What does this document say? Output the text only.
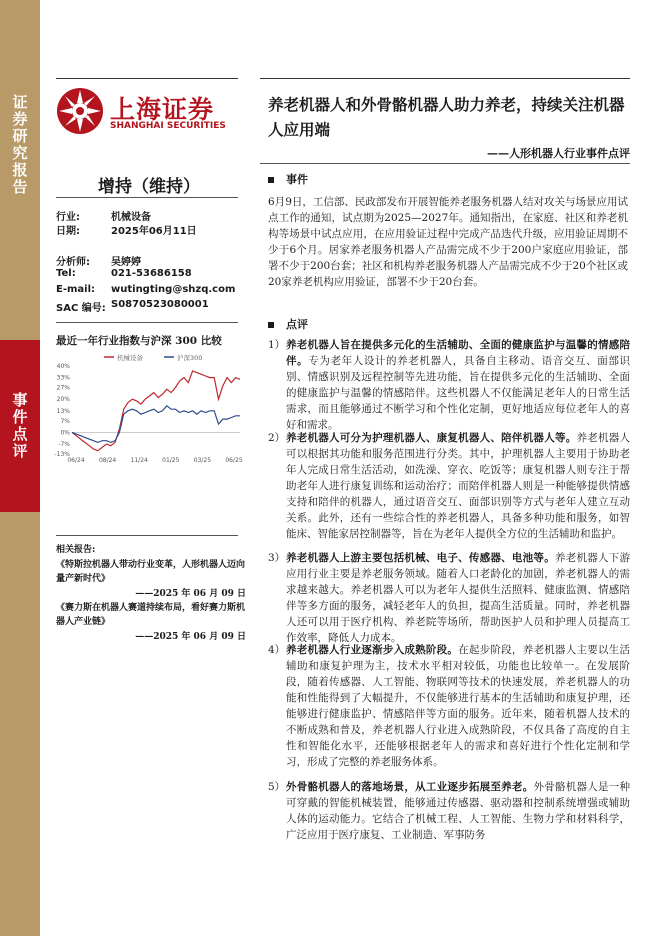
证
券
研
究
报
告
事
件
点
评
上海证券
SHANGHAI SECURITIES
增持（维持）
行业:	机械设备
日期:	2025年06月11日
分析师: 吴婷婷
Tel:	021-53686158
E-mail: wutingting@shzq.com
SAC 编号: S0870523080001
最近一年行业指数与沪深 300 比较
机械设备	沪深300
40%
33%
27%
20%
13%
7%
0%
-7%
-13%
06/24 08/24 11/24 01/25 03/25 06/25
相关报告:
《特斯拉机器人带动行业变革，人形机器人迈向量产新时代》
——2025 年 06 月 09 日
《赛力斯在机器人赛道持续布局，看好赛力斯机器人产业链》
——2025 年 06 月 09 日
养老机器人和外骨骼机器人助力养老，持续关注机器人应用端
——人形机器人行业事件点评
事件
6月9日，工信部、民政部发布开展智能养老服务机器人结对攻关与场景应用试点工作的通知，试点期为2025—2027年。通知指出，在家庭、社区和养老机构等场景中试点应用，在应用验证过程中完成产品迭代升级，应用验证周期不少于6个月。居家养老服务机器人产品需完成不少于200户家庭应用验证，部署不少于200台套；社区和机构养老服务机器人产品需完成不少于20个社区或20家养老机构应用验证，部署不少于20台套。
点评
1） 养老机器人旨在提供多元化的生活辅助、全面的健康监护与温馨的情感陪伴。专为老年人设计的养老机器人，具备自主移动、语音交互、面部识别、情感识别及远程控制等先进功能，旨在提供多元化的生活辅助、全面的健康监护与温馨的情感陪伴。这些机器人不仅能满足老年人的日常生活需求，而且能够通过不断学习和个性化定制，更好地适应每位老年人的喜好和需求。
2） 养老机器人可分为护理机器人、康复机器人、陪伴机器人等。养老机器人可以根据其功能和服务范围进行分类。其中，护理机器人主要用于协助老年人完成日常生活活动，如洗澡、穿衣、吃饭等；康复机器人则专注于帮助老年人进行康复训练和运动治疗；而陪伴机器人则是一种能够提供情感支持和陪伴的机器人，通过语音交互、面部识别等方式与老年人建立互动关系。此外，还有一些综合性的养老机器人，具备多种功能和服务，如智能床、智能家居控制器等，旨在为老年人提供全方位的生活辅助和监护。
3） 养老机器人上游主要包括机械、电子、传感器、电池等。养老机器人下游应用行业主要是养老服务领域。随着人口老龄化的加剧，养老机器人的需求越来越大。养老机器人可以为老年人提供生活照料、健康监测、情感陪伴等多方面的服务，减轻老年人的负担，提高生活质量。同时，养老机器人还可以用于医疗机构、养老院等场所，帮助医护人员和护理人员提高工作效率，降低人力成本。
4） 养老机器人行业逐渐步入成熟阶段。在起步阶段，养老机器人主要以生活辅助和康复护理为主，技术水平相对较低，功能也比较单一。在发展阶段，随着传感器、人工智能、物联网等技术的快速发展，养老机器人的功能和性能得到了大幅提升，不仅能够进行基本的生活辅助和康复护理，还能够进行健康监护、情感陪伴等方面的服务。近年来，随着机器人技术的不断成熟和普及，养老机器人行业进入成熟阶段，不仅具备了高度的自主性和智能化水平，还能够根据老年人的需求和喜好进行个性化定制和学习，形成了完整的养老服务体系。
5） 外骨骼机器人的落地场景，从工业逐步拓展至养老。外骨骼机器人是一种可穿戴的智能机械装置，能够通过传感器、驱动器和控制系统增强或辅助人体的运动能力。它结合了机械工程、人工智能、生物力学和材料科学，广泛应用于医疗康复、工业制造、军事防务
